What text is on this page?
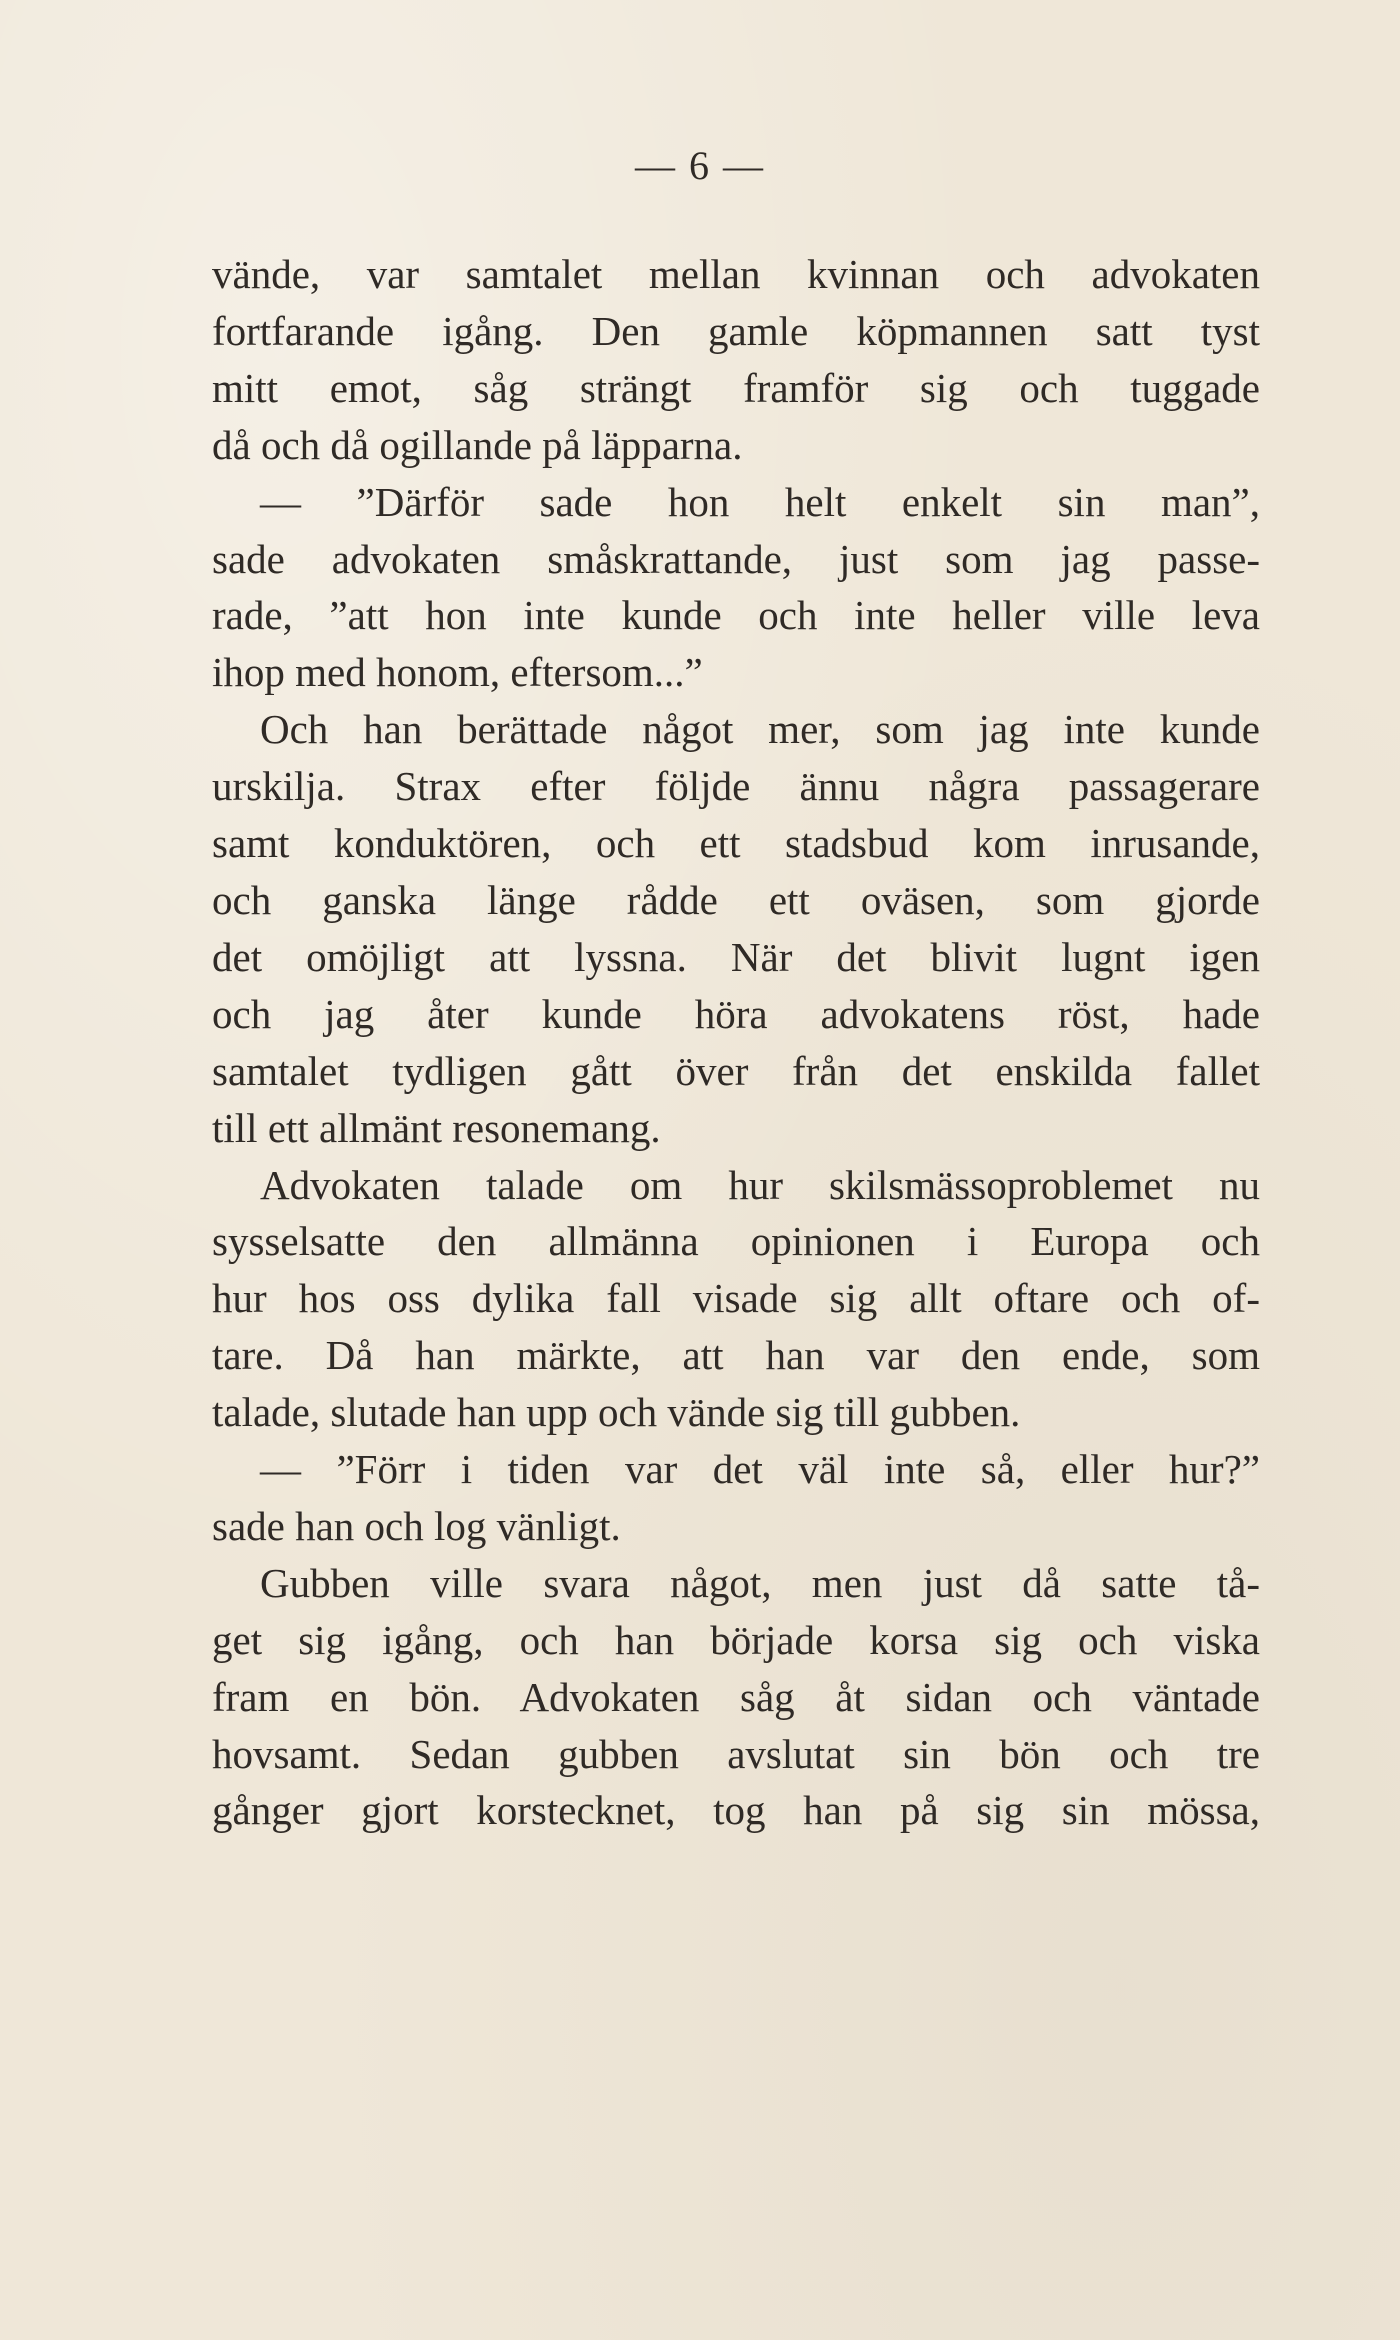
— 6 —
vände, var samtalet mellan kvinnan och advokaten
fortfarande igång. Den gamle köpmannen satt tyst
mitt emot, såg strängt framför sig och tuggade
då och då ogillande på läpparna.
— ”Därför sade hon helt enkelt sin man”,
sade advokaten småskrattande, just som jag passe-
rade, ”att hon inte kunde och inte heller ville leva
ihop med honom, eftersom...”
Och han berättade något mer, som jag inte kunde
urskilja. Strax efter följde ännu några passagerare
samt konduktören, och ett stadsbud kom inrusande,
och ganska länge rådde ett oväsen, som gjorde
det omöjligt att lyssna. När det blivit lugnt igen
och jag åter kunde höra advokatens röst, hade
samtalet tydligen gått över från det enskilda fallet
till ett allmänt resonemang.
Advokaten talade om hur skilsmässoproblemet nu
sysselsatte den allmänna opinionen i Europa och
hur hos oss dylika fall visade sig allt oftare och of-
tare. Då han märkte, att han var den ende, som
talade, slutade han upp och vände sig till gubben.
— ”Förr i tiden var det väl inte så, eller hur?”
sade han och log vänligt.
Gubben ville svara något, men just då satte tå-
get sig igång, och han började korsa sig och viska
fram en bön. Advokaten såg åt sidan och väntade
hovsamt. Sedan gubben avslutat sin bön och tre
gånger gjort korstecknet, tog han på sig sin mössa,
